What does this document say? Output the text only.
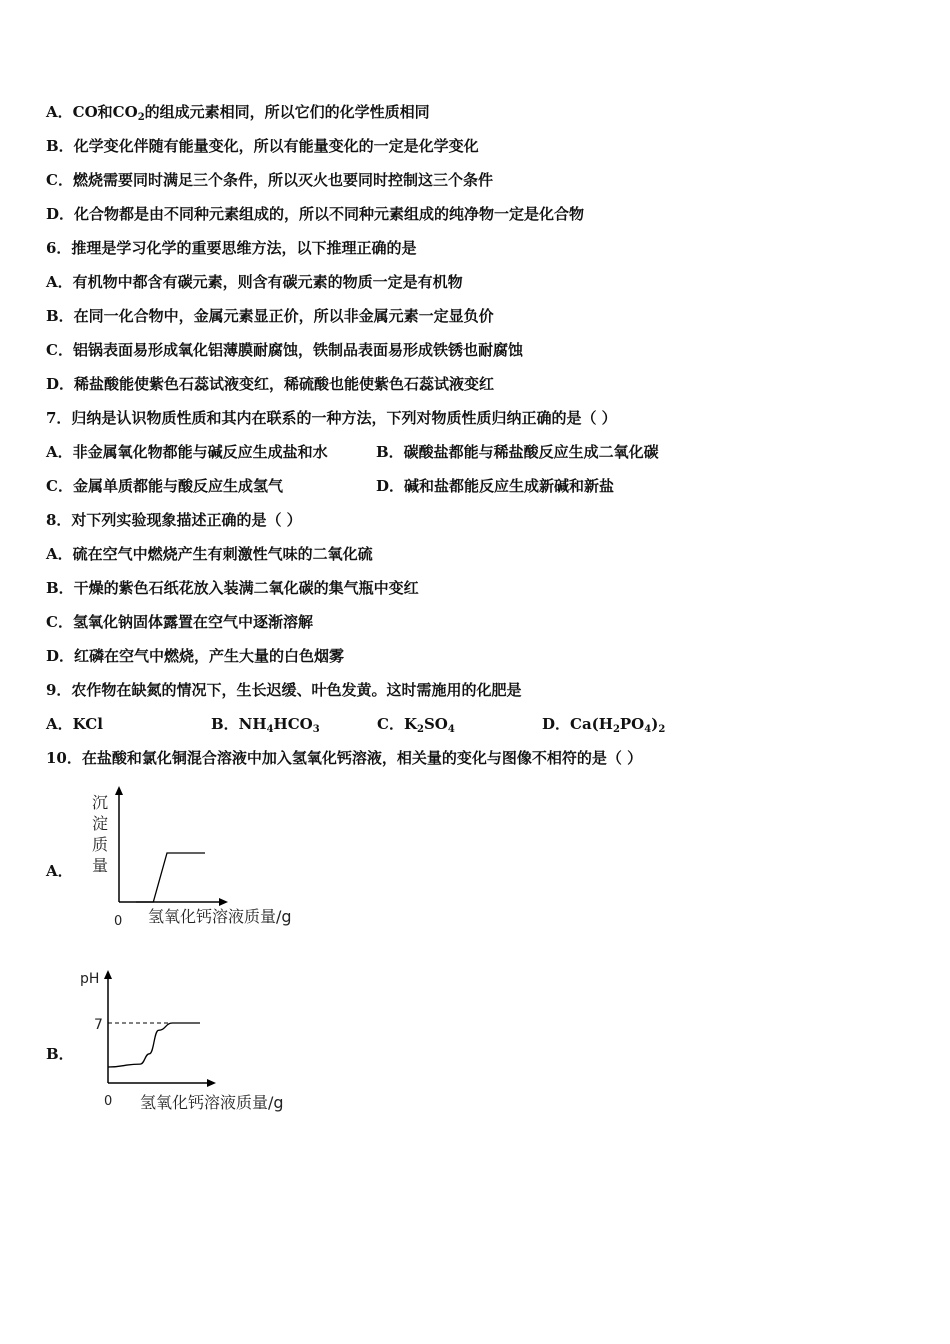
A．CO和$CO_2$的组成元素相同，所以它们的化学性质相同
B．化学变化伴随有能量变化，所以有能量变化的一定是化学变化
C．燃烧需要同时满足三个条件，所以灭火也要同时控制这三个条件
D．化合物都是由不同种元素组成的，所以不同种元素组成的纯净物一定是化合物
6．推理是学习化学的重要思维方法，以下推理正确的是
A．有机物中都含有碳元素，则含有碳元素的物质一定是有机物
B．在同一化合物中，金属元素显正价，所以非金属元素一定显负价
C．铝锅表面易形成氧化铝薄膜耐腐蚀，铁制品表面易形成铁锈也耐腐蚀
D．稀盐酸能使紫色石蕊试液变红，稀硫酸也能使紫色石蕊试液变红
7．归纳是认识物质性质和其内在联系的一种方法，下列对物质性质归纳正确的是（ ）
A．非金属氧化物都能与碱反应生成盐和水	B．碳酸盐都能与稀盐酸反应生成二氧化碳
C．金属单质都能与酸反应生成氢气	D．碱和盐都能反应生成新碱和新盐
8．对下列实验现象描述正确的是（ ）
A．硫在空气中燃烧产生有刺激性气味的二氧化硫
B．干燥的紫色石纸花放入装满二氧化碳的集气瓶中变红
C．氢氧化钠固体露置在空气中逐渐溶解
D．红磷在空气中燃烧，产生大量的白色烟雾
9．农作物在缺氮的情况下，生长迟缓、叶色发黄。这时需施用的化肥是
A．KCl	B．$NH_4HCO_3$	C．$K_2SO_4$	D．$Ca(H_2PO_4)_2$
10．在盐酸和氯化铜混合溶液中加入氢氧化钙溶液，相关量的变化与图像不相符的是（ ）
A．
B．
沉
淀
质
量
0 氢氧化钙溶液质量/g
pH
7
0 氢氧化钙溶液质量/g
